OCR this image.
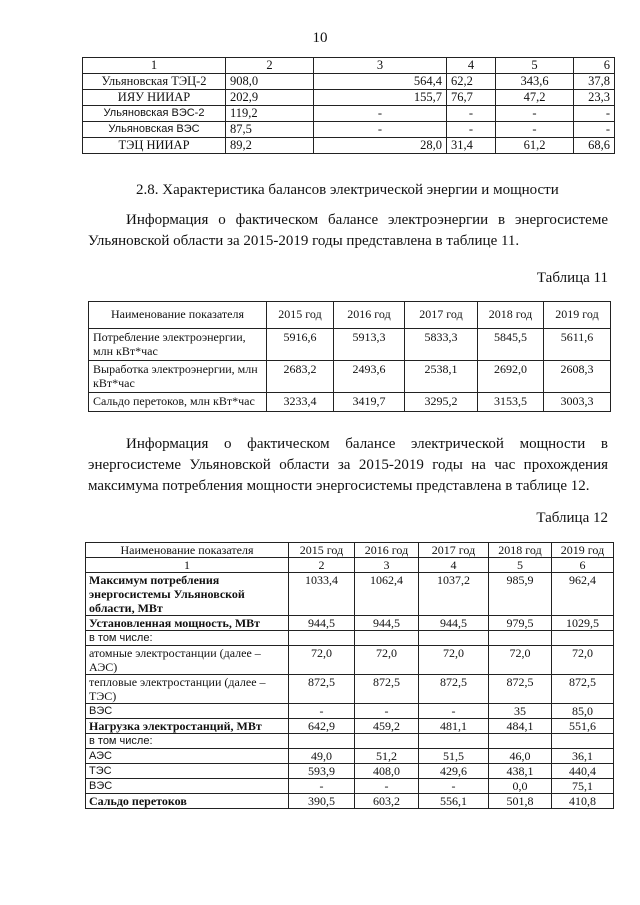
10
1	2	3	4	5	6
Ульяновская ТЭЦ-2	908,0	564,4	62,2	343,6	37,8
ИЯУ НИИАР	202,9	155,7	76,7	47,2	23,3
Ульяновская ВЭС-2	119,2	-	-	-	-
Ульяновская ВЭС	87,5	-	-	-	-
ТЭЦ НИИАР	89,2	28,0	31,4	61,2	68,6
2.8. Характеристика балансов электрической энергии и мощности
Информация о фактическом балансе электроэнергии в энергосистеме Ульяновской области за 2015-2019 годы представлена в таблице 11.
Таблица 11
Наименование показателя	2015 год	2016 год	2017 год	2018 год	2019 год
Потребление электроэнергии, млн кВт*час	5916,6	5913,3	5833,3	5845,5	5611,6
Выработка электроэнергии, млн кВт*час	2683,2	2493,6	2538,1	2692,0	2608,3
Сальдо перетоков, млн кВт*час	3233,4	3419,7	3295,2	3153,5	3003,3
Информация о фактическом балансе электрической мощности в энергосистеме Ульяновской области за 2015-2019 годы на час прохождения максимума потребления мощности энергосистемы представлена в таблице 12.
Таблица 12
Наименование показателя	2015 год	2016 год	2017 год	2018 год	2019 год
1	2	3	4	5	6
Максимум потребления энергосистемы Ульяновской области, МВт	1033,4	1062,4	1037,2	985,9	962,4
Установленная мощность, МВт	944,5	944,5	944,5	979,5	1029,5
в том числе:					
атомные электростанции (далее – АЭС)	72,0	72,0	72,0	72,0	72,0
тепловые электростанции (далее – ТЭС)	872,5	872,5	872,5	872,5	872,5
ВЭС	-	-	-	35	85,0
Нагрузка электростанций, МВт	642,9	459,2	481,1	484,1	551,6
в том числе:					
АЭС	49,0	51,2	51,5	46,0	36,1
ТЭС	593,9	408,0	429,6	438,1	440,4
ВЭС	-	-	-	0,0	75,1
Сальдо перетоков	390,5	603,2	556,1	501,8	410,8
